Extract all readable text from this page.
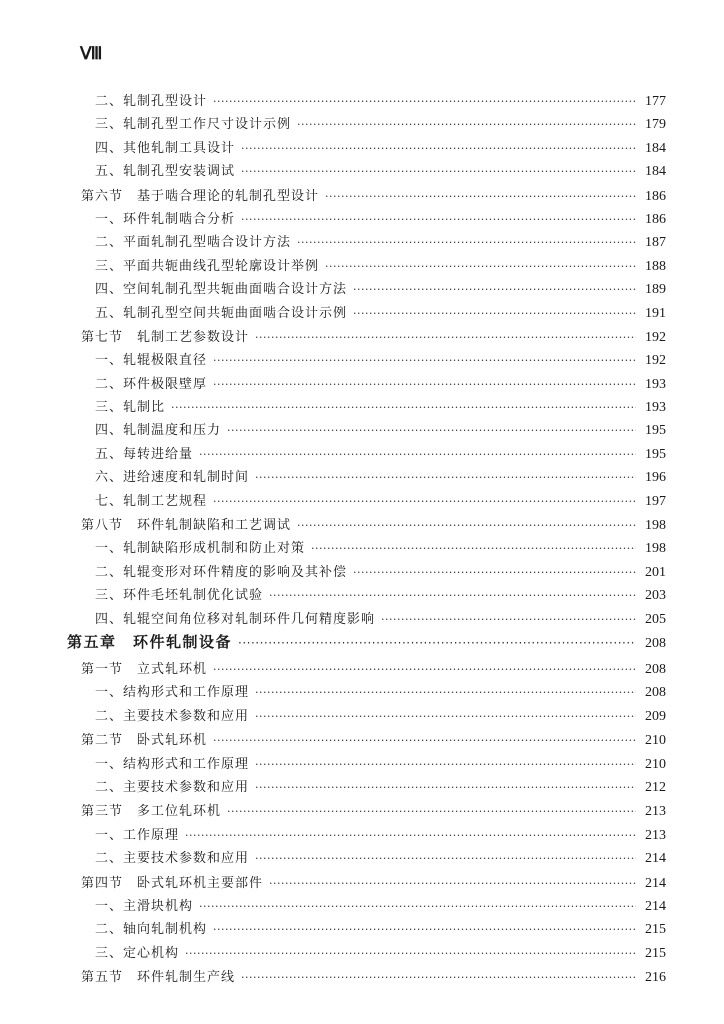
Ⅷ
二、轧制孔型设计 ·····	177
三、轧制孔型工作尺寸设计示例 ·····	179
四、其他轧制工具设计 ·····	184
五、轧制孔型安装调试 ·····	184
第六节　基于啮合理论的轧制孔型设计 ·····	186
一、环件轧制啮合分析 ·····	186
二、平面轧制孔型啮合设计方法 ·····	187
三、平面共轭曲线孔型轮廓设计举例 ·····	188
四、空间轧制孔型共轭曲面啮合设计方法 ·····	189
五、轧制孔型空间共轭曲面啮合设计示例 ·····	191
第七节　轧制工艺参数设计 ·····	192
一、轧辊极限直径 ·····	192
二、环件极限壁厚 ·····	193
三、轧制比 ·····	193
四、轧制温度和压力 ·····	195
五、每转进给量 ·····	195
六、进给速度和轧制时间 ·····	196
七、轧制工艺规程 ·····	197
第八节　环件轧制缺陷和工艺调试 ·····	198
一、轧制缺陷形成机制和防止对策 ·····	198
二、轧辊变形对环件精度的影响及其补偿 ·····	201
三、环件毛坯轧制优化试验 ·····	203
四、轧辊空间角位移对轧制环件几何精度影响 ·····	205
第五章　环件轧制设备 ·····	208
第一节　立式轧环机 ·····	208
一、结构形式和工作原理 ·····	208
二、主要技术参数和应用 ·····	209
第二节　卧式轧环机 ·····	210
一、结构形式和工作原理 ·····	210
二、主要技术参数和应用 ·····	212
第三节　多工位轧环机 ·····	213
一、工作原理 ·····	213
二、主要技术参数和应用 ·····	214
第四节　卧式轧环机主要部件 ·····	214
一、主滑块机构 ·····	214
二、轴向轧制机构 ·····	215
三、定心机构 ·····	215
第五节　环件轧制生产线 ·····	216
